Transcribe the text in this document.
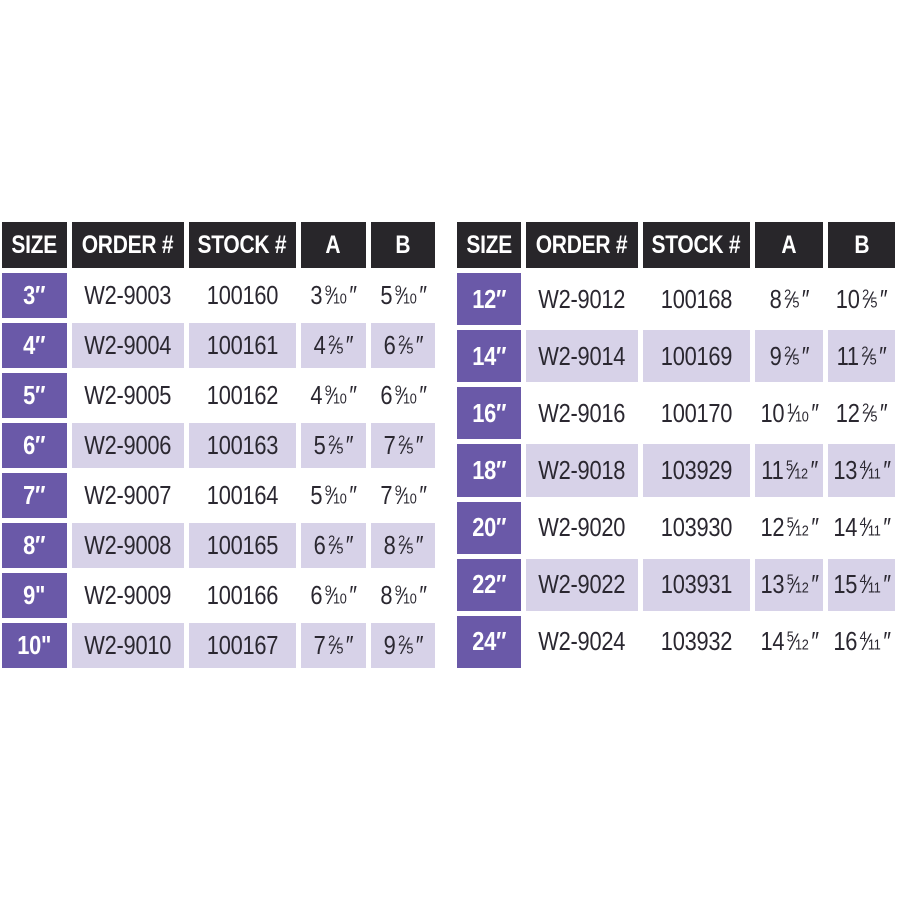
SIZE	ORDER #	STOCK #	A	B
3″	W2-9003	100160	3 $^9$⁄10″	5 $^9$⁄10″
4″	W2-9004	100161	4 $^2$⁄5″	6 $^2$⁄5″
5″	W2-9005	100162	4 $^9$⁄10″	6 $^9$⁄10″
6″	W2-9006	100163	5 $^2$⁄5″	7 $^2$⁄5″
7″	W2-9007	100164	5 $^9$⁄10″	7 $^9$⁄10″
8″	W2-9008	100165	6 $^2$⁄5″	8 $^2$⁄5″
9"	W2-9009	100166	6 $^9$⁄10″	8 $^9$⁄10″
10"	W2-9010	100167	7 $^2$⁄5″	9 $^2$⁄5″
SIZE	ORDER #	STOCK #	A	B
12″	W2-9012	100168	8 $^2$⁄5″	10 $^2$⁄5″
14″	W2-9014	100169	9 $^2$⁄5″	11 $^2$⁄5″
16″	W2-9016	100170	10 $^1$⁄10″	12 $^2$⁄5″
18″	W2-9018	103929	11 $^5$⁄12″	13 $^4$⁄11″
20″	W2-9020	103930	12 $^5$⁄12″	14 $^4$⁄11″
22″	W2-9022	103931	13 $^5$⁄12″	15 $^4$⁄11″
24″	W2-9024	103932	14 $^5$⁄12″	16 $^4$⁄11″
